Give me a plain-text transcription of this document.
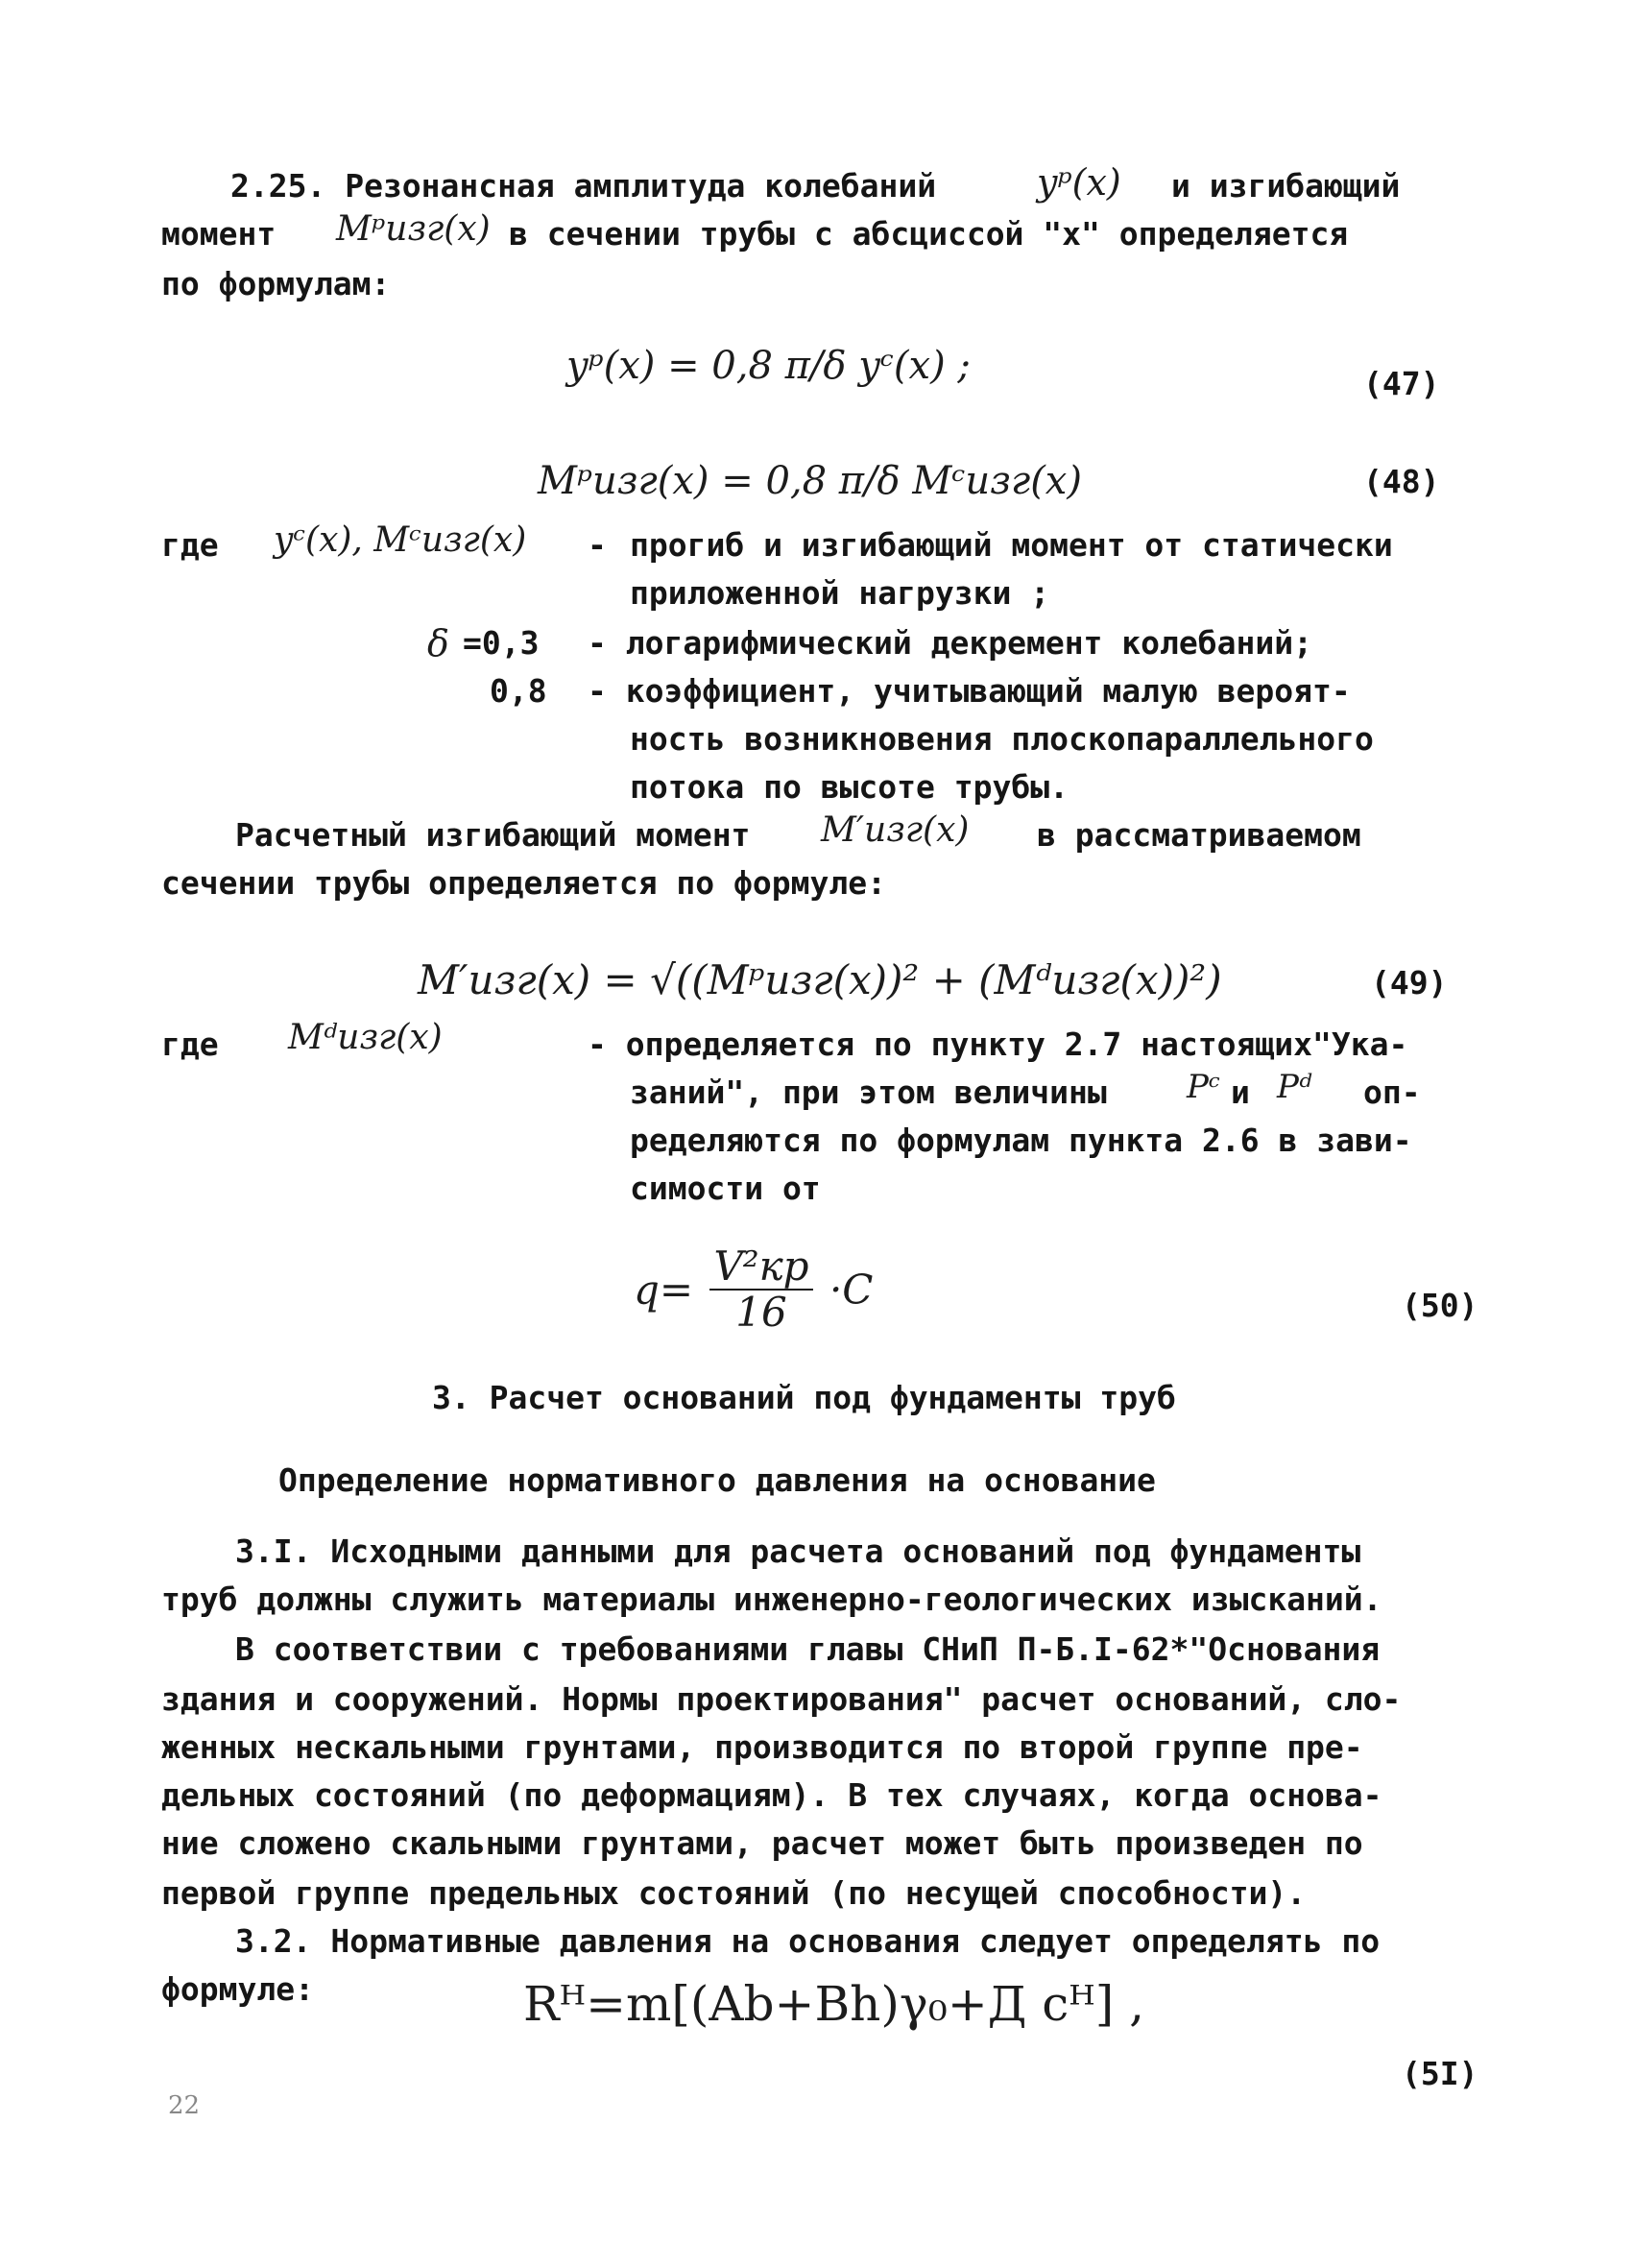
2.25. Резонансная амплитуда колебаний	yᵖ(x) и изгибающий
момент Mᵖизг(x) в сечении трубы с абсциссой "x" определяется
по формулам:
yᵖ(x) = 0,8 π/δ yᶜ(x) ;	(47)
Mᵖизг(x) = 0,8 π/δ Mᶜизг(x)	(48)
где yᶜ(x), Mᶜизг(x) - прогиб и изгибающий момент от статически
приложенной нагрузки ;
δ =0,3 - логарифмический декремент колебаний;
0,8 - коэффициент, учитывающий малую вероят-
ность возникновения плоскопараллельного
потока по высоте трубы.
Расчетный изгибающий момент M′изг(x) в рассматриваемом
сечении трубы определяется по формуле:
M′изг(x) = √((Mᵖизг(x))² + (Mᵈизг(x))²)	(49)
где Mᵈизг(x)	- определяется по пункту 2.7 настоящих"Ука-
заний", при этом величины Pᶜ и Pᵈ оп-
ределяются по формулам пункта 2.6 в зави-
симости от
$q= \frac{\text{V²кр}}{16} \cdot C$	(50)
3. Расчет оснований под фундаменты труб
Определение нормативного давления на основание
3.I. Исходными данными для расчета оснований под фундаменты
труб должны служить материалы инженерно-геологических изысканий.
В соответствии с требованиями главы СНиП П-Б.I-62*"Основания
здания и сооружений. Нормы проектирования" расчет оснований, сло-
женных нескальными грунтами, производится по второй группе пре-
дельных состояний (по деформациям). В тех случаях, когда основа-
ние сложено скальными грунтами, расчет может быть произведен по
первой группе предельных состояний (по несущей способности).
3.2. Нормативные давления на основания следует определять по
формуле:	Rᴴ=m[(Ab+Bh)γ₀+Д cᴴ] ,
(5I)
22
